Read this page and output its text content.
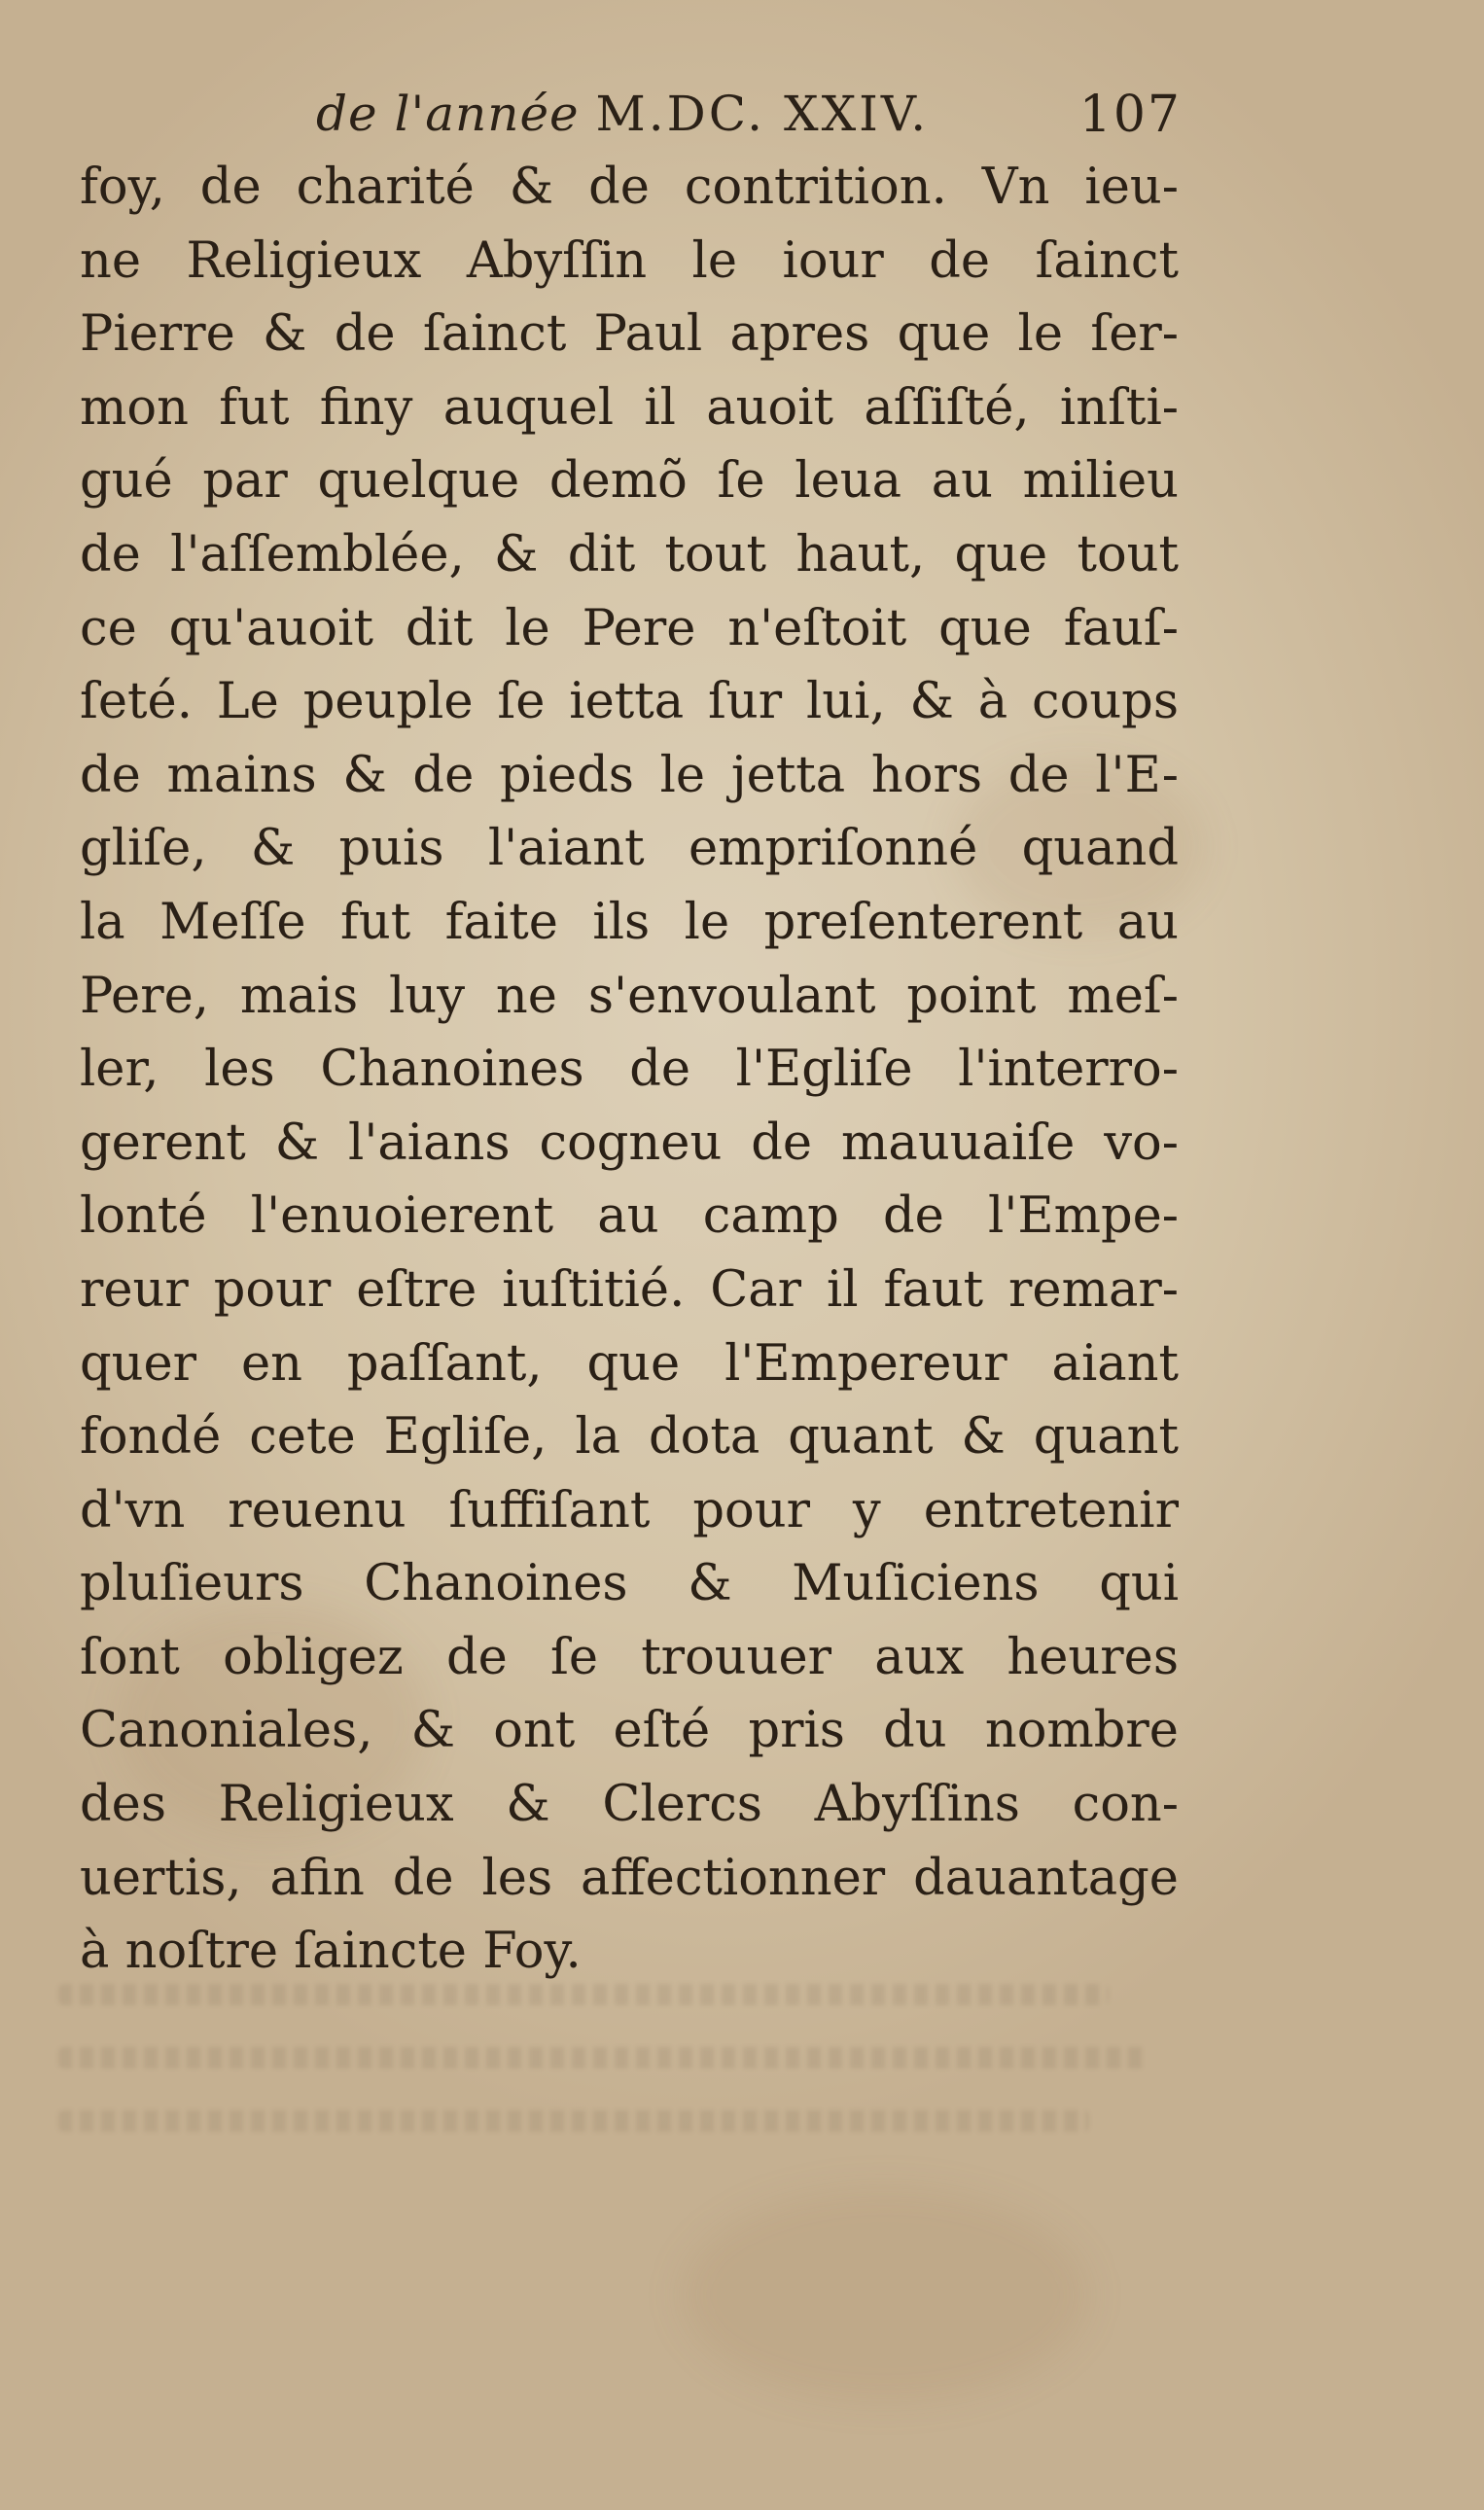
de l'année M.DC. XXIV.	107
foy, de charité & de contrition. Vn ieu-
ne Religieux Abyſſin le iour de ſainct
Pierre & de ſainct Paul apres que le ſer-
mon fut finy auquel il auoit aſſiſté, inſti-
gué par quelque demõ ſe leua au milieu
de l'aſſemblée, & dit tout haut, que tout
ce qu'auoit dit le Pere n'eſtoit que fauſ-
ſeté. Le peuple ſe ietta ſur lui, & à coups
de mains & de pieds le jetta hors de l'E-
gliſe, & puis l'aiant empriſonné quand
la Meſſe fut faite ils le preſenterent au
Pere, mais luy ne s'envoulant point meſ-
ler, les Chanoines de l'Egliſe l'interro-
gerent & l'aians cogneu de mauuaiſe vo-
lonté l'enuoierent au camp de l'Empe-
reur pour eſtre iuſtitié. Car il faut remar-
quer en paſſant, que l'Empereur aiant
fondé cete Egliſe, la dota quant & quant
d'vn reuenu ſuffiſant pour y entretenir
pluſieurs Chanoines & Muſiciens qui
ſont obligez de ſe trouuer aux heures
Canoniales, & ont eſté pris du nombre
des Religieux & Clercs Abyſſins con-
uertis, afin de les affectionner dauantage
à noſtre ſaincte Foy.
